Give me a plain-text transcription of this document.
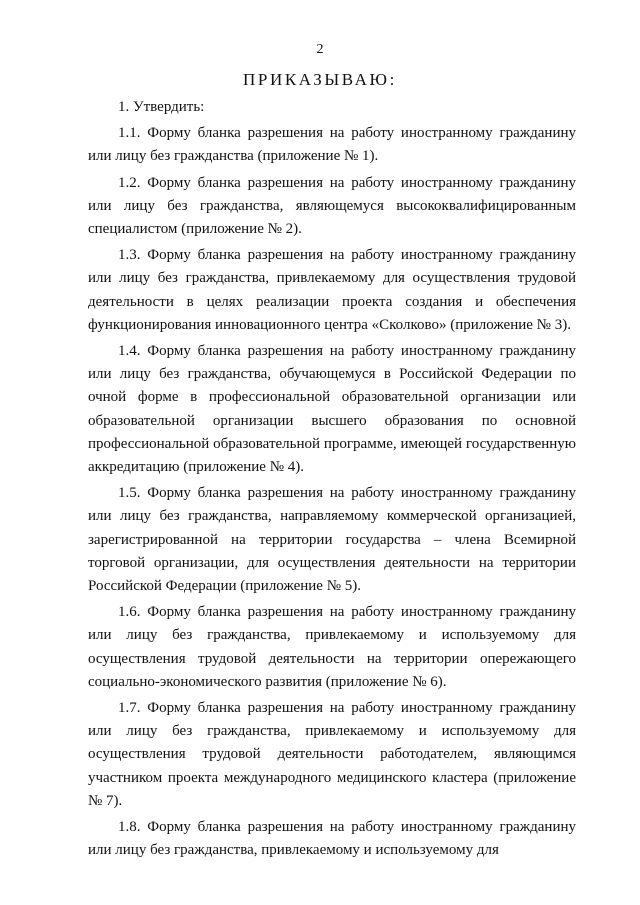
2
ПРИКАЗЫВАЮ:

1. Утвердить:

1.1. Форму бланка разрешения на работу иностранному гражданину или лицу без гражданства (приложение № 1).

1.2. Форму бланка разрешения на работу иностранному гражданину или лицу без гражданства, являющемуся высококвалифицированным специалистом (приложение № 2).

1.3. Форму бланка разрешения на работу иностранному гражданину или лицу без гражданства, привлекаемому для осуществления трудовой деятельности в целях реализации проекта создания и обеспечения функционирования инновационного центра «Сколково» (приложение № 3).

1.4. Форму бланка разрешения на работу иностранному гражданину или лицу без гражданства, обучающемуся в Российской Федерации по очной форме в профессиональной образовательной организации или образовательной организации высшего образования по основной профессиональной образовательной программе, имеющей государственную аккредитацию (приложение № 4).

1.5. Форму бланка разрешения на работу иностранному гражданину или лицу без гражданства, направляемому коммерческой организацией, зарегистрированной на территории государства – члена Всемирной торговой организации, для осуществления деятельности на территории Российской Федерации (приложение № 5).

1.6. Форму бланка разрешения на работу иностранному гражданину или лицу без гражданства, привлекаемому и используемому для осуществления трудовой деятельности на территории опережающего социально-экономического развития (приложение № 6).

1.7. Форму бланка разрешения на работу иностранному гражданину или лицу без гражданства, привлекаемому и используемому для осуществления трудовой деятельности работодателем, являющимся участником проекта международного медицинского кластера (приложение № 7).

1.8. Форму бланка разрешения на работу иностранному гражданину или лицу без гражданства, привлекаемому и используемому для
